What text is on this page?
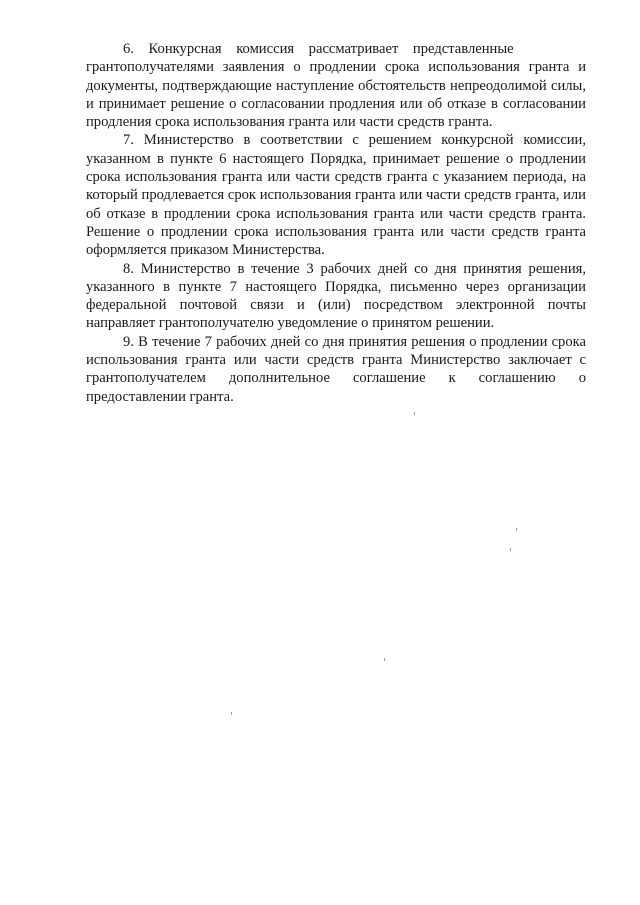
6. Конкурсная комиссия рассматривает представленные грантополучателями заявления о продлении срока использования гранта и документы, подтверждающие наступление обстоятельств непреодолимой силы, и принимает решение о согласовании продления или об отказе в согласовании продления срока использования гранта или части средств гранта.

7. Министерство в соответствии с решением конкурсной комиссии, указанном в пункте 6 настоящего Порядка, принимает решение о продлении срока использования гранта или части средств гранта с указанием периода, на который продлевается срок использования гранта или части средств гранта, или об отказе в продлении срока использования гранта или части средств гранта. Решение о продлении срока использования гранта или части средств гранта оформляется приказом Министерства.

8. Министерство в течение 3 рабочих дней со дня принятия решения, указанного в пункте 7 настоящего Порядка, письменно через организации федеральной почтовой связи и (или) посредством электронной почты направляет грантополучателю уведомление о принятом решении.

9. В течение 7 рабочих дней со дня принятия решения о продлении срока использования гранта или части средств гранта Министерство заключает с грантополучателем дополнительное соглашение к соглашению о предоставлении гранта.
